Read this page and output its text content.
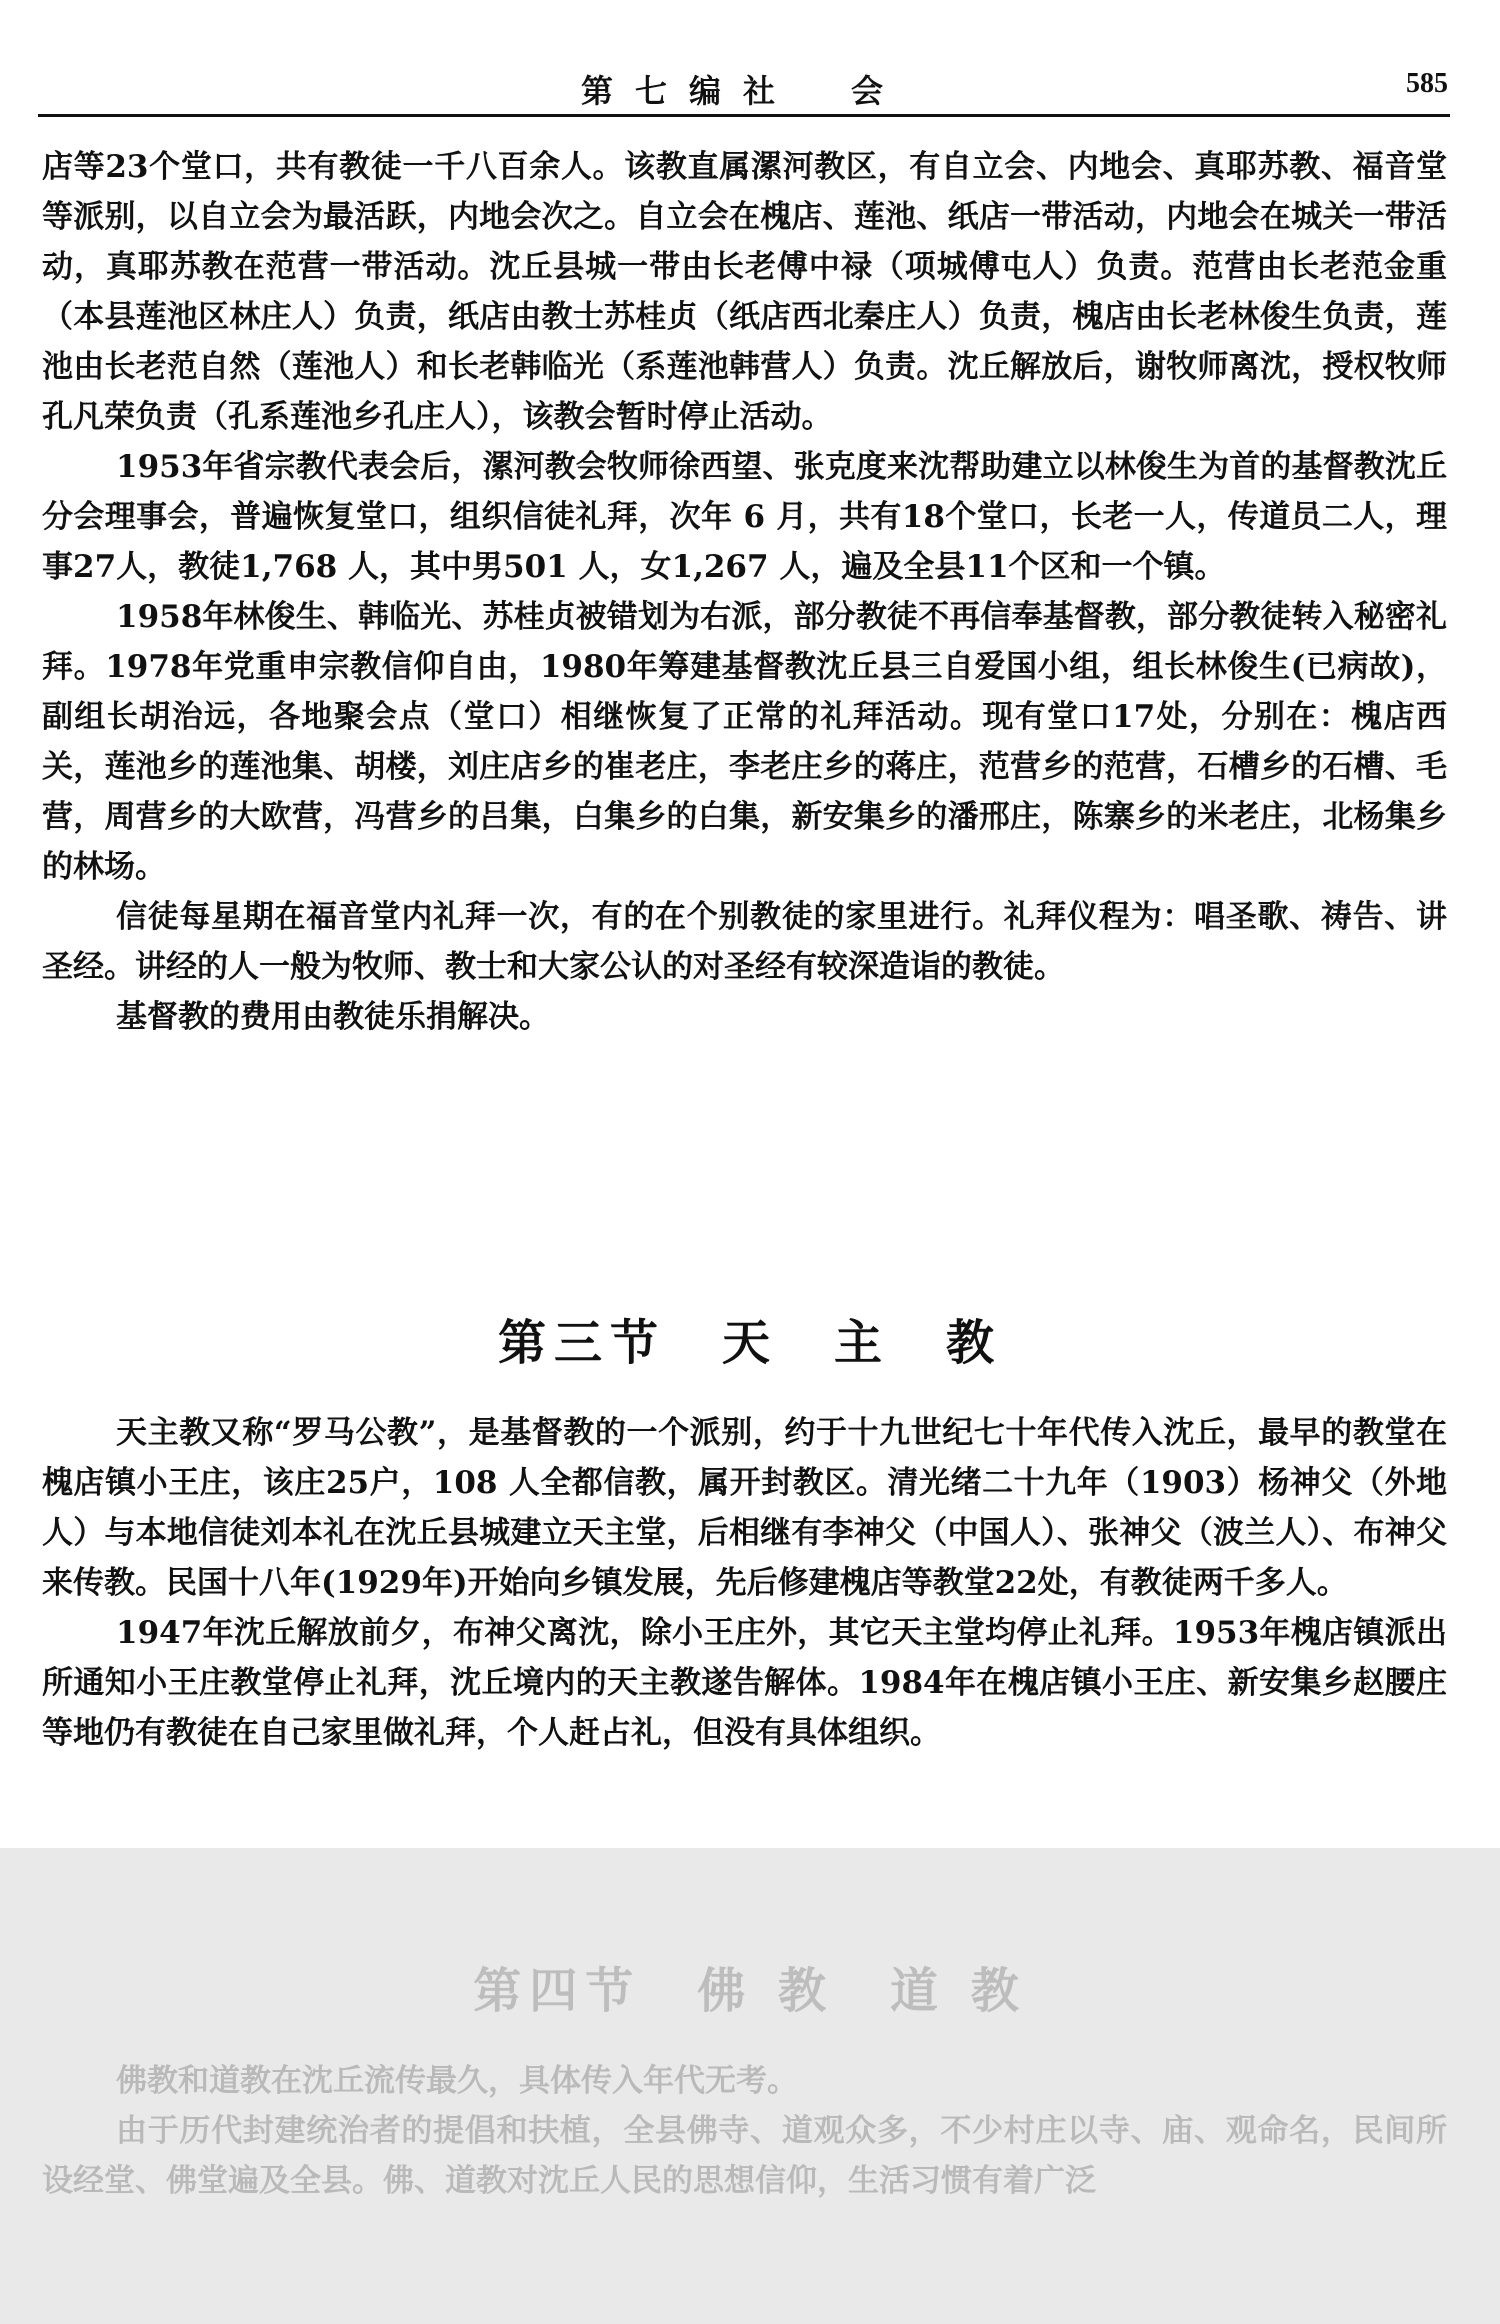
第七编社　会	585

店等23个堂口，共有教徒一千八百余人。该教直属漯河教区，有自立会、内地会、真耶苏教、福音堂等派别，以自立会为最活跃，内地会次之。自立会在槐店、莲池、纸店一带活动，内地会在城关一带活动，真耶苏教在范营一带活动。沈丘县城一带由长老傅中禄（项城傅屯人）负责。范营由长老范金重（本县莲池区林庄人）负责，纸店由教士苏桂贞（纸店西北秦庄人）负责，槐店由长老林俊生负责，莲池由长老范自然（莲池人）和长老韩临光（系莲池韩营人）负责。沈丘解放后，谢牧师离沈，授权牧师孔凡荣负责（孔系莲池乡孔庄人），该教会暂时停止活动。

1953年省宗教代表会后，漯河教会牧师徐西望、张克度来沈帮助建立以林俊生为首的基督教沈丘分会理事会，普遍恢复堂口，组织信徒礼拜，次年 6 月，共有18个堂口，长老一人，传道员二人，理事27人，教徒1,768 人，其中男501 人，女1,267 人，遍及全县11个区和一个镇。

1958年林俊生、韩临光、苏桂贞被错划为右派，部分教徒不再信奉基督教，部分教徒转入秘密礼拜。1978年党重申宗教信仰自由，1980年筹建基督教沈丘县三自爱国小组，组长林俊生(已病故)，副组长胡治远，各地聚会点（堂口）相继恢复了正常的礼拜活动。现有堂口17处，分别在：槐店西关，莲池乡的莲池集、胡楼，刘庄店乡的崔老庄，李老庄乡的蒋庄，范营乡的范营，石槽乡的石槽、毛营，周营乡的大欧营，冯营乡的吕集，白集乡的白集，新安集乡的潘邢庄，陈寨乡的米老庄，北杨集乡的林场。

信徒每星期在福音堂内礼拜一次，有的在个别教徒的家里进行。礼拜仪程为：唱圣歌、祷告、讲圣经。讲经的人一般为牧师、教士和大家公认的对圣经有较深造诣的教徒。

基督教的费用由教徒乐捐解决。

第三节　天　主　教

天主教又称“罗马公教”，是基督教的一个派别，约于十九世纪七十年代传入沈丘，最早的教堂在槐店镇小王庄，该庄25户，108 人全都信教，属开封教区。清光绪二十九年（1903）杨神父（外地人）与本地信徒刘本礼在沈丘县城建立天主堂，后相继有李神父（中国人）、张神父（波兰人）、布神父来传教。民国十八年(1929年)开始向乡镇发展，先后修建槐店等教堂22处，有教徒两千多人。

1947年沈丘解放前夕，布神父离沈，除小王庄外，其它天主堂均停止礼拜。1953年槐店镇派出所通知小王庄教堂停止礼拜，沈丘境内的天主教遂告解体。1984年在槐店镇小王庄、新安集乡赵腰庄等地仍有教徒在自己家里做礼拜，个人赶占礼，但没有具体组织。

第四节　佛 教　道 教

佛教和道教在沈丘流传最久，具体传入年代无考。

由于历代封建统治者的提倡和扶植，全县佛寺、道观众多，不少村庄以寺、庙、观命名，民间所设经堂、佛堂遍及全县。佛、道教对沈丘人民的思想信仰，生活习惯有着广泛
